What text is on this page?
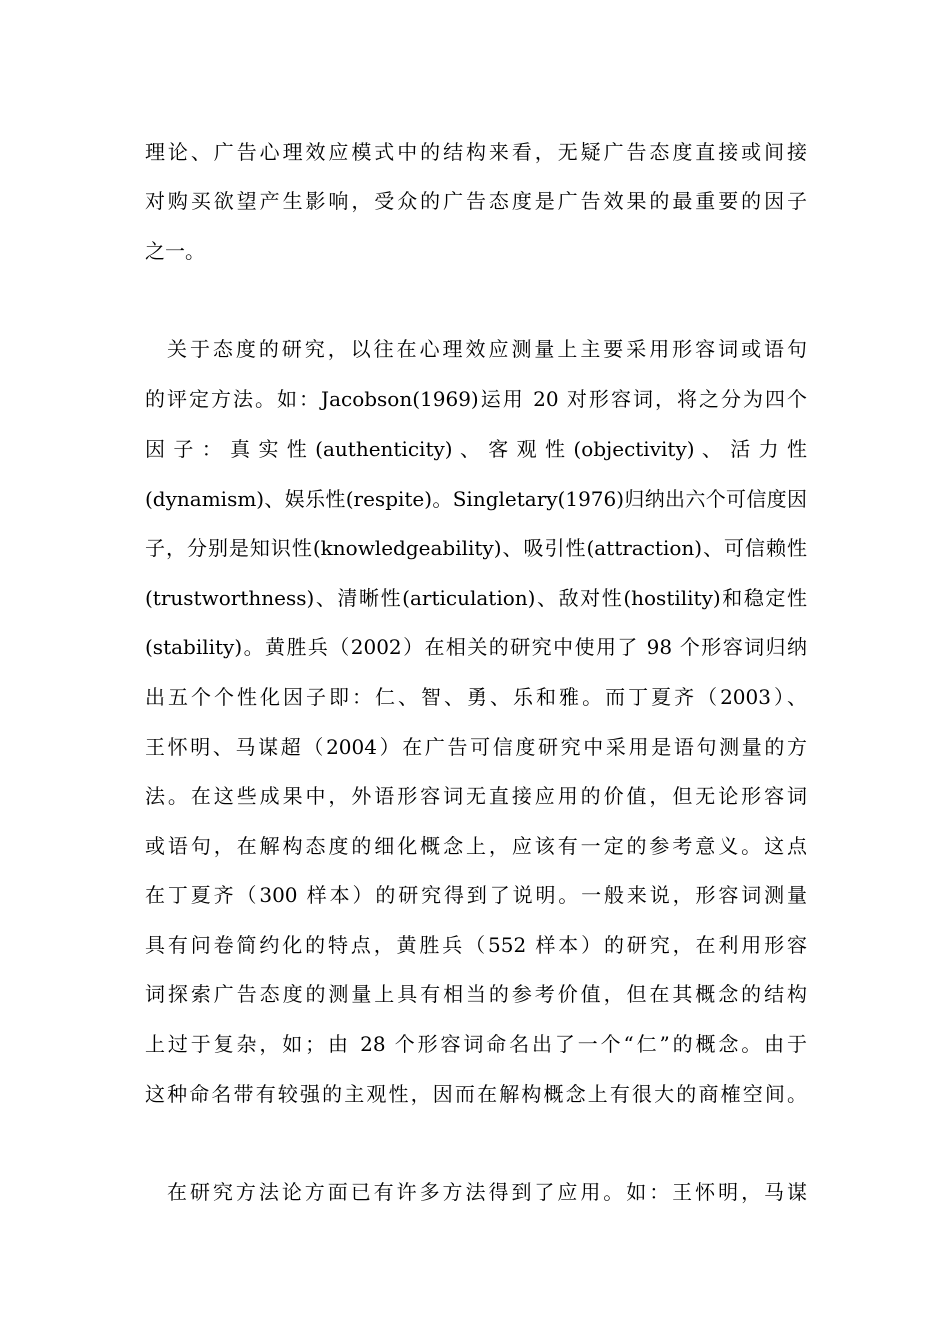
理论、广告心理效应模式中的结构来看，无疑广告态度直接或间接
对购买欲望产生影响，受众的广告态度是广告效果的最重要的因子
之一。
关于态度的研究，以往在心理效应测量上主要采用形容词或语句
的评定方法。如：Jacobson(1969)运用 20 对形容词，将之分为四个
因 子 ： 真 实 性 (authenticity) 、 客 观 性 (objectivity) 、 活 力 性
(dynamism)、娱乐性(respite)。Singletary(1976)归纳出六个可信度因
子，分别是知识性(knowledgeability)、吸引性(attraction)、可信赖性
(trustworthness)、清晰性(articulation)、敌对性(hostility)和稳定性
(stability)。黄胜兵（2002）在相关的研究中使用了 98 个形容词归纳
出五个个性化因子即：仁、智、勇、乐和雅。而丁夏齐（2003）、
王怀明、马谋超（2004）在广告可信度研究中采用是语句测量的方
法。在这些成果中，外语形容词无直接应用的价值，但无论形容词
或语句，在解构态度的细化概念上，应该有一定的参考意义。这点
在丁夏齐（300 样本）的研究得到了说明。一般来说，形容词测量
具有问卷简约化的特点，黄胜兵（552 样本）的研究，在利用形容
词探索广告态度的测量上具有相当的参考价值，但在其概念的结构
上过于复杂，如；由 28 个形容词命名出了一个“仁”的概念。由于
这种命名带有较强的主观性，因而在解构概念上有很大的商榷空间。
在研究方法论方面已有许多方法得到了应用。如：王怀明，马谋
